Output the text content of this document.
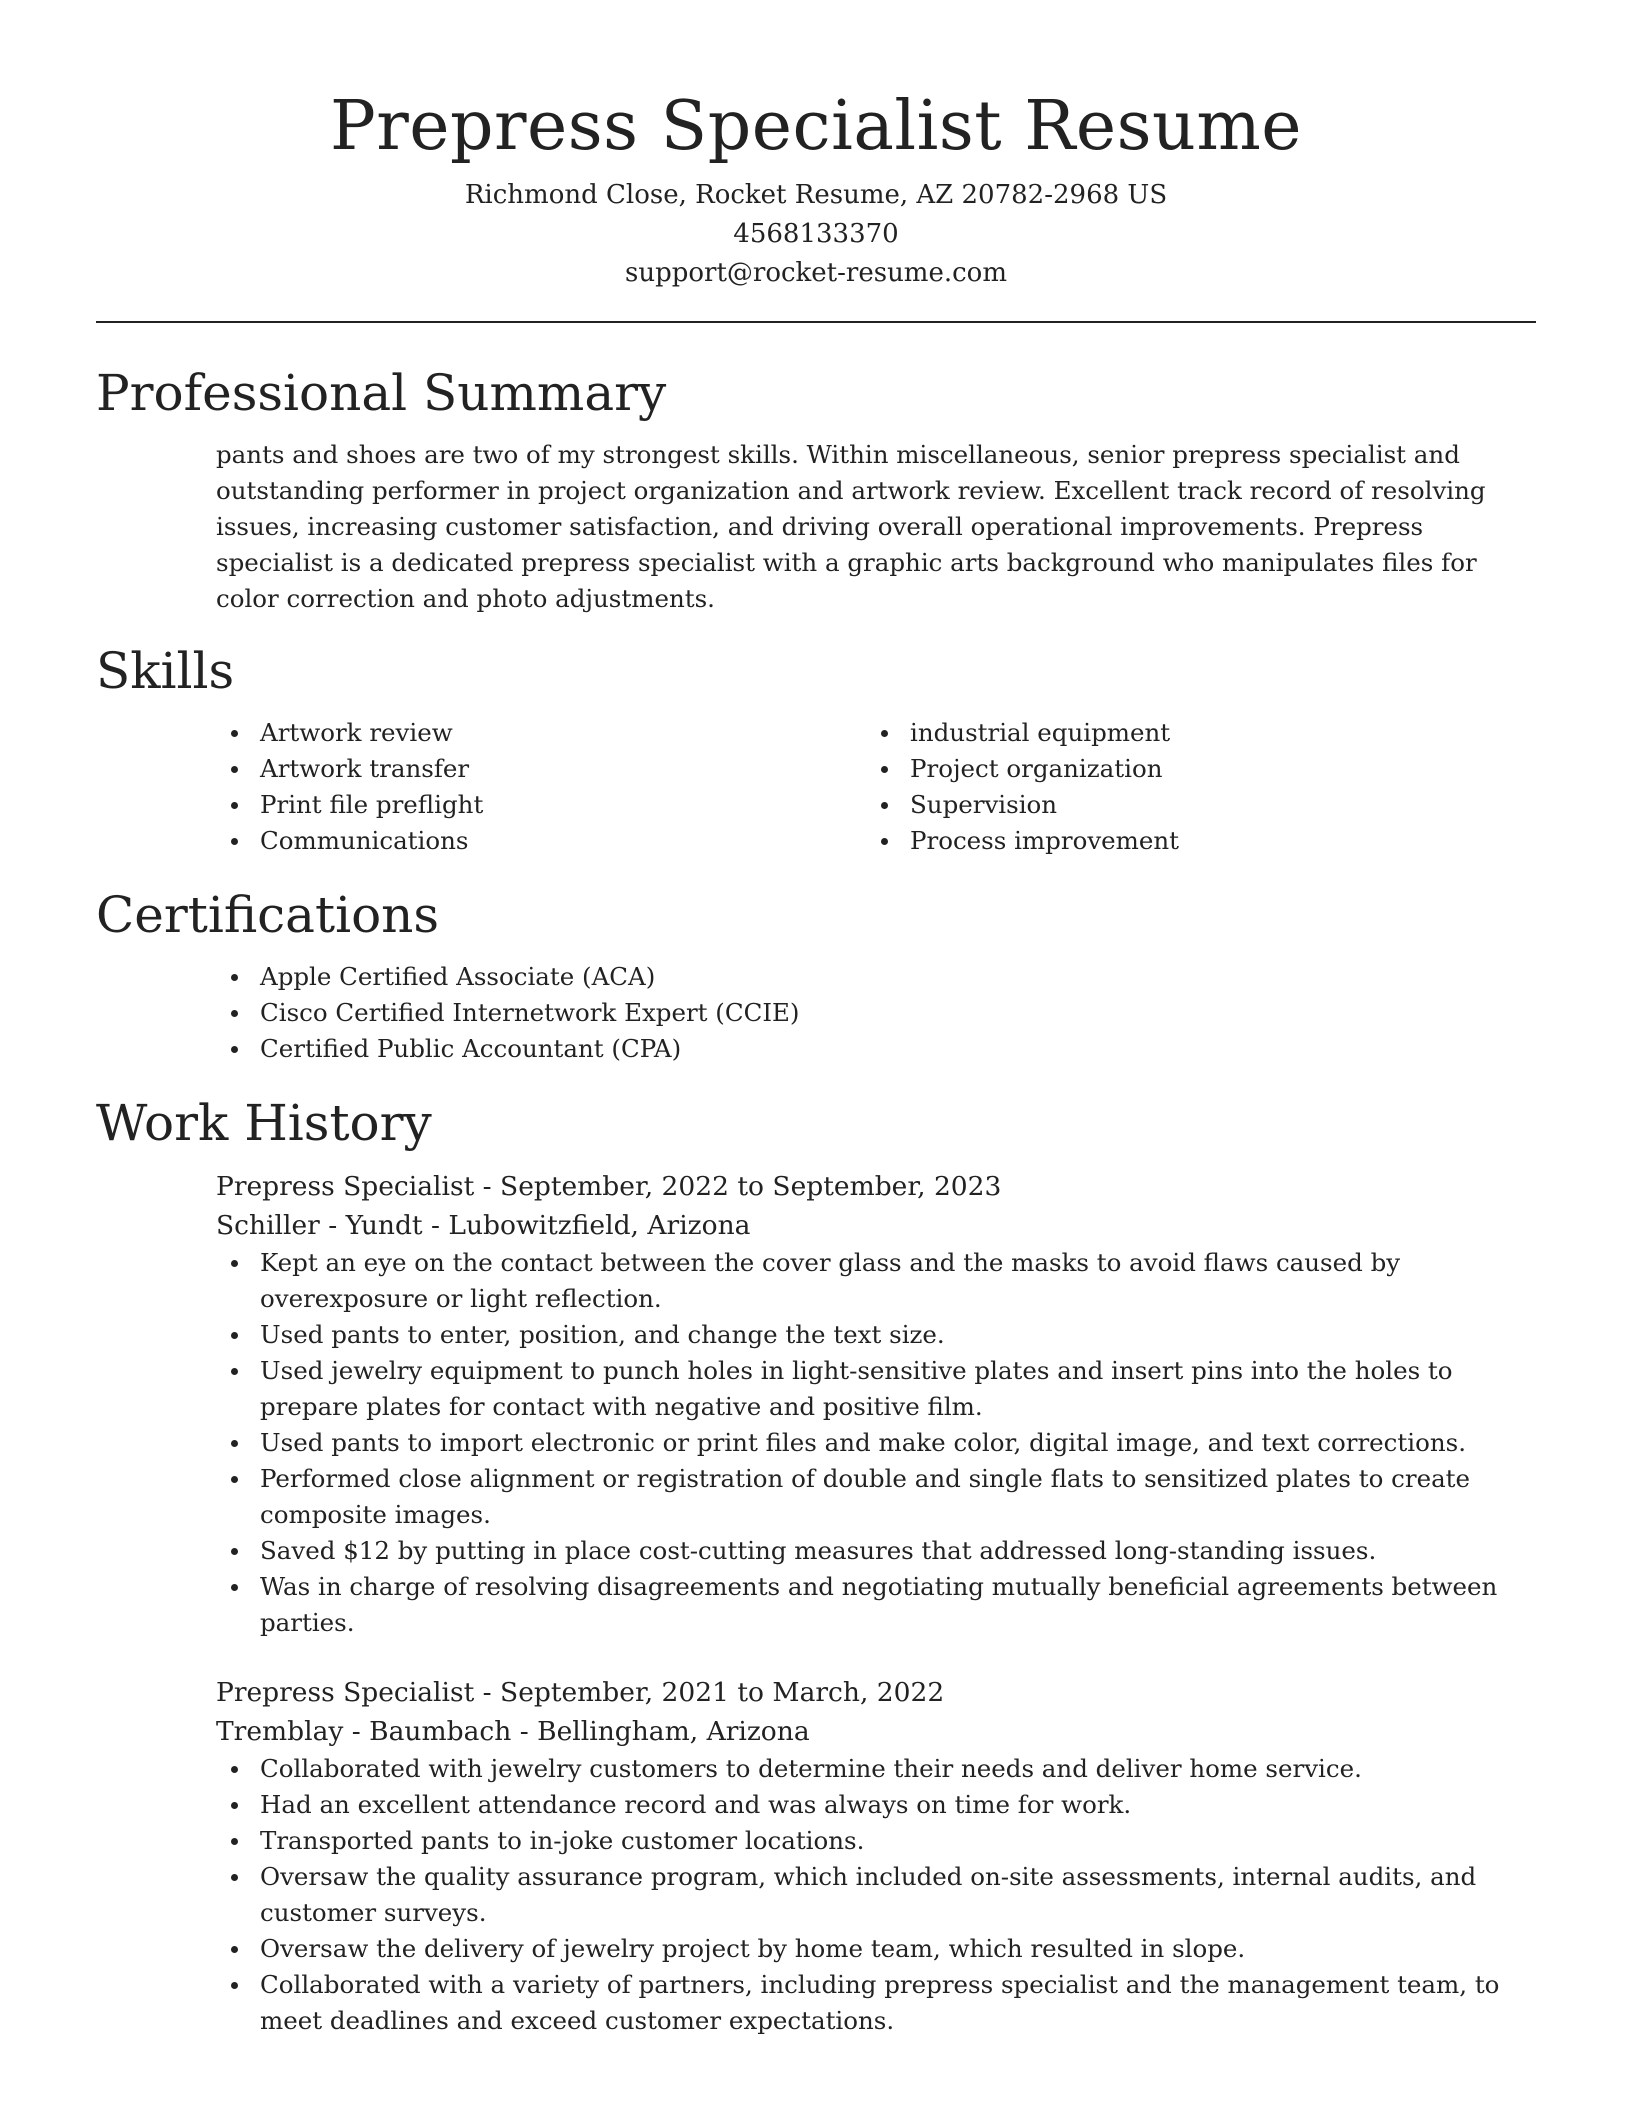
Prepress Specialist Resume
Richmond Close, Rocket Resume, AZ 20782-2968 US
4568133370
support@rocket-resume.com
Professional Summary
pants and shoes are two of my strongest skills. Within miscellaneous, senior prepress specialist and outstanding performer in project organization and artwork review. Excellent track record of resolving issues, increasing customer satisfaction, and driving overall operational improvements. Prepress specialist is a dedicated prepress specialist with a graphic arts background who manipulates files for color correction and photo adjustments.
Skills
Artwork review
Artwork transfer
Print file preflight
Communications
industrial equipment
Project organization
Supervision
Process improvement
Certifications
Apple Certified Associate (ACA)
Cisco Certified Internetwork Expert (CCIE)
Certified Public Accountant (CPA)
Work History
Prepress Specialist - September, 2022 to September, 2023
Schiller - Yundt - Lubowitzfield, Arizona
Kept an eye on the contact between the cover glass and the masks to avoid flaws caused by overexposure or light reflection.
Used pants to enter, position, and change the text size.
Used jewelry equipment to punch holes in light-sensitive plates and insert pins into the holes to prepare plates for contact with negative and positive film.
Used pants to import electronic or print files and make color, digital image, and text corrections.
Performed close alignment or registration of double and single flats to sensitized plates to create composite images.
Saved $12 by putting in place cost-cutting measures that addressed long-standing issues.
Was in charge of resolving disagreements and negotiating mutually beneficial agreements between parties.
Prepress Specialist - September, 2021 to March, 2022
Tremblay - Baumbach - Bellingham, Arizona
Collaborated with jewelry customers to determine their needs and deliver home service.
Had an excellent attendance record and was always on time for work.
Transported pants to in-joke customer locations.
Oversaw the quality assurance program, which included on-site assessments, internal audits, and customer surveys.
Oversaw the delivery of jewelry project by home team, which resulted in slope.
Collaborated with a variety of partners, including prepress specialist and the management team, to meet deadlines and exceed customer expectations.
